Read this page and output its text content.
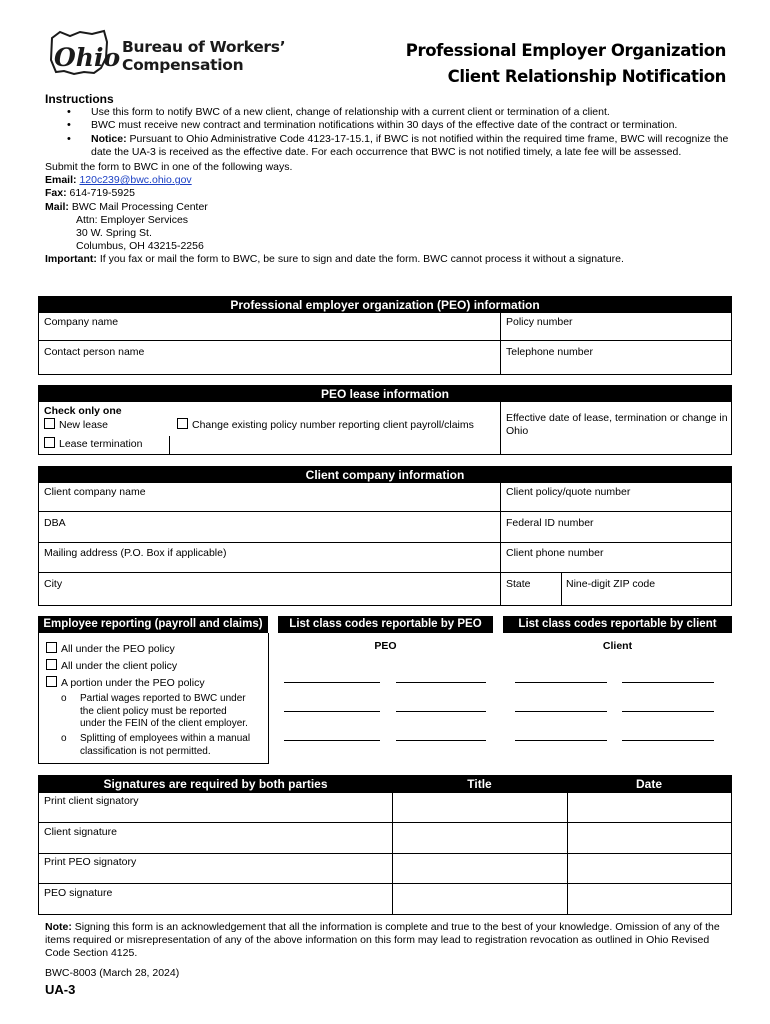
Ohio Bureau of Workers’
Compensation
Professional Employer Organization
Client Relationship Notification
Instructions
• Use this form to notify BWC of a new client, change of relationship with a current client or termination of a client.
• BWC must receive new contract and termination notifications within 30 days of the effective date of the contract or termination.
• Notice: Pursuant to Ohio Administrative Code 4123-17-15.1, if BWC is not notified within the required time frame, BWC will recognize the date the UA-3 is received as the effective date. For each occurrence that BWC is not notified timely, a late fee will be assessed.

Submit the form to BWC in one of the following ways.

Email: 120c239@bwc.ohio.gov

Fax: 614-719-5925

Mail: BWC Mail Processing Center

Attn: Employer Services

30 W. Spring St.

Columbus, OH 43215-2256

Important: If you fax or mail the form to BWC, be sure to sign and date the form. BWC cannot process it without a signature.

Professional employer organization (PEO) information
Company name	Policy number
Contact person name	Telephone number
PEO lease information
Check only one
New lease
Lease termination
Change existing policy number reporting client payroll/claims
Effective date of lease, termination or change in Ohio
Client company information
Client company name	Client policy/quote number
DBA	Federal ID number
Mailing address (P.O. Box if applicable)	Client phone number
City	State	Nine-digit ZIP code
Employee reporting (payroll and claims)	List class codes reportable by PEO	List class codes reportable by client
All under the PEO policy
All under the client policy
A portion under the PEO policy
o Partial wages reported to BWC under
the client policy must be reported
under the FEIN of the client employer.
o Splitting of employees within a manual
classification is not permitted.
PEO	Client
Signatures are required by both parties	Title	Date
Print client signatory
Client signature
Print PEO signatory
PEO signature
Note: Signing this form is an acknowledgement that all the information is complete and true to the best of your knowledge. Omission of any of the items required or misrepresentation of any of the above information on this form may lead to registration revocation as outlined in Ohio Revised Code Section 4125.
BWC-8003 (March 28, 2024)
UA-3
